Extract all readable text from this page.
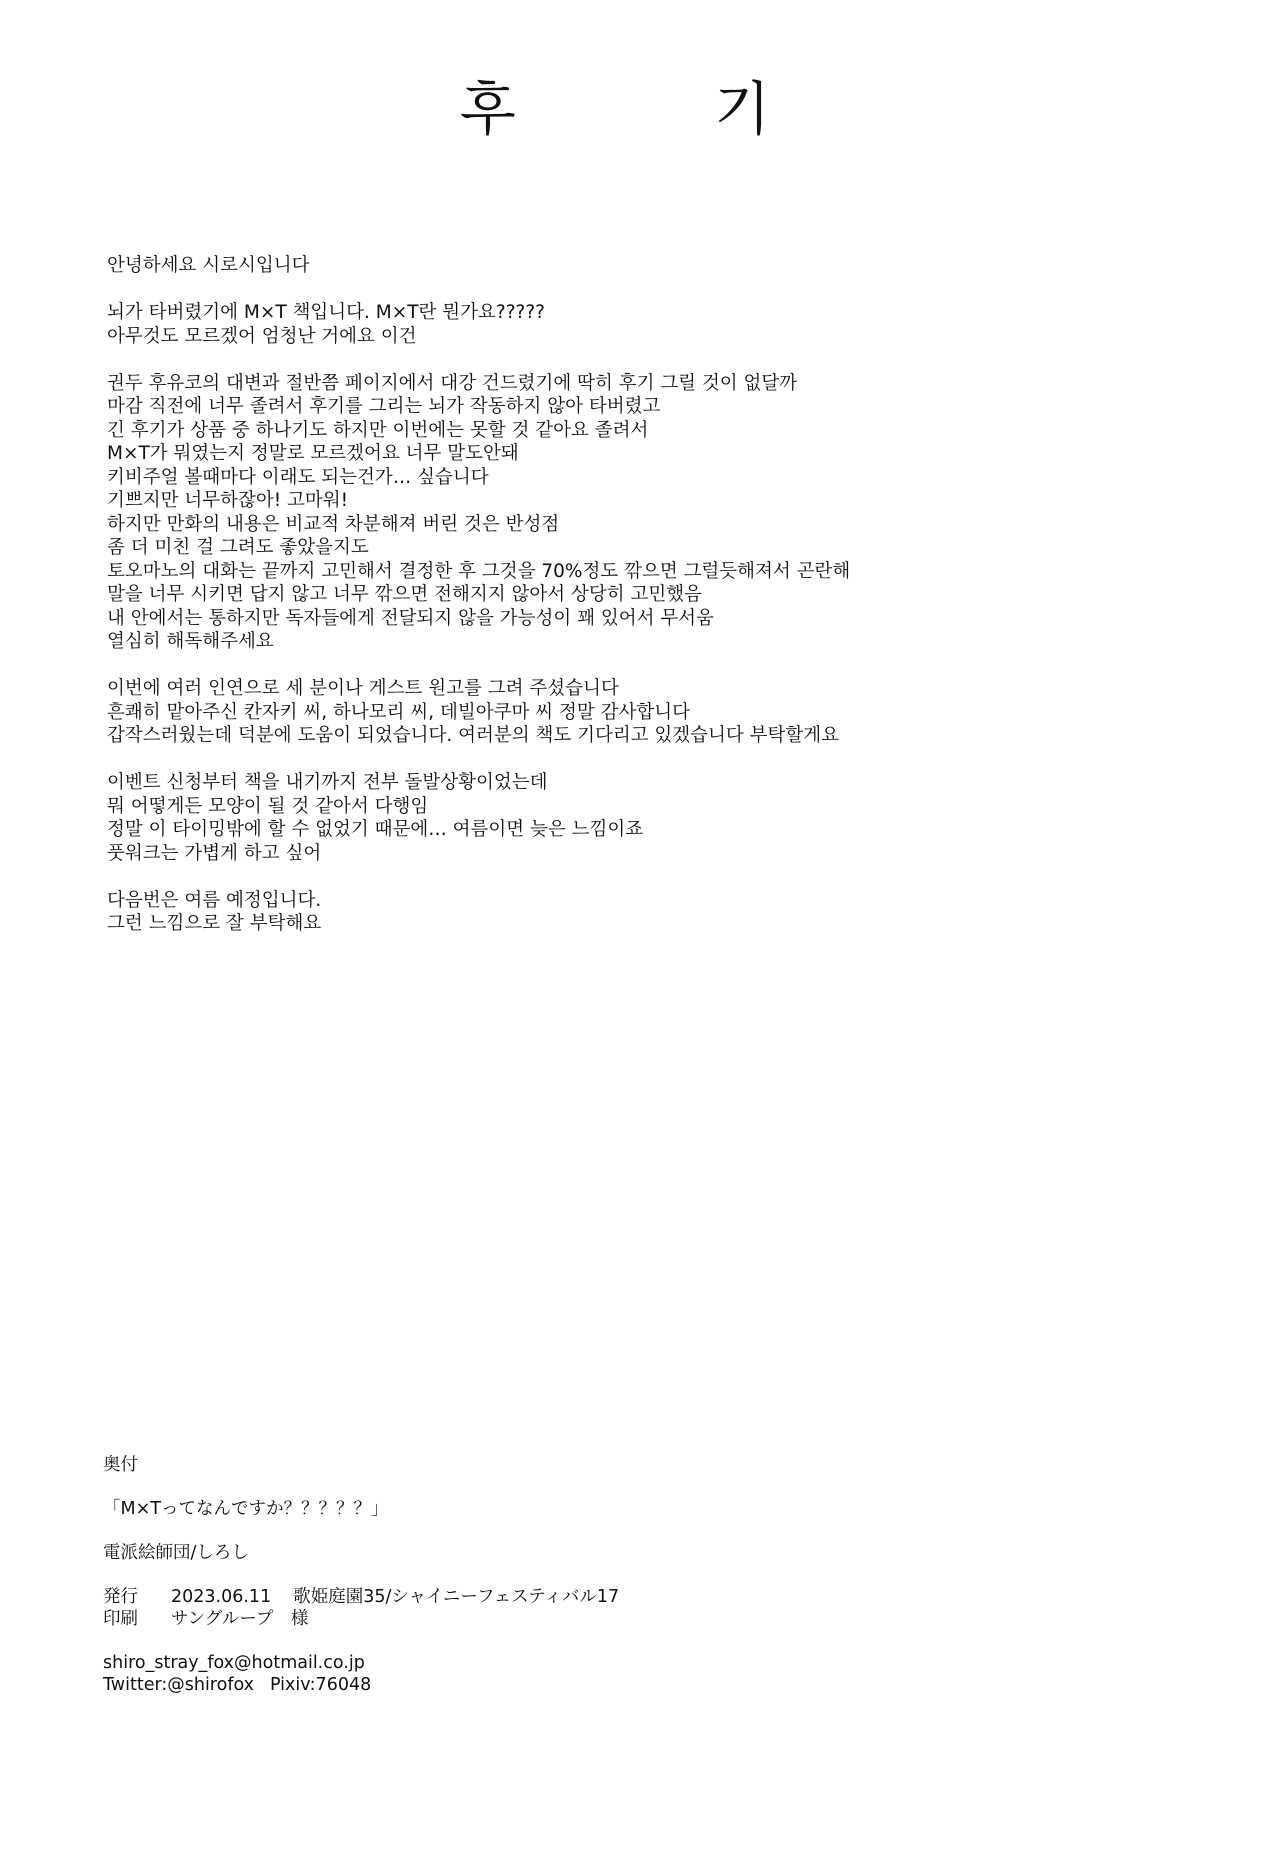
후 기
안녕하세요 시로시입니다
뇌가 타버렸기에 M×T 책입니다. M×T란 뭔가요?????
아무것도 모르겠어 엄청난 거에요 이건
권두 후유코의 대변과 절반쯤 페이지에서 대강 건드렸기에 딱히 후기 그릴 것이 없달까
마감 직전에 너무 졸려서 후기를 그리는 뇌가 작동하지 않아 타버렸고
긴 후기가 상품 중 하나기도 하지만 이번에는 못할 것 같아요 졸려서
M×T가 뭐였는지 정말로 모르겠어요 너무 말도안돼
키비주얼 볼때마다 이래도 되는건가… 싶습니다
기쁘지만 너무하잖아! 고마워!
하지만 만화의 내용은 비교적 차분해져 버린 것은 반성점
좀 더 미친 걸 그려도 좋았을지도
토오마노의 대화는 끝까지 고민해서 결정한 후 그것을 70%정도 깎으면 그럴듯해져서 곤란해
말을 너무 시키면 답지 않고 너무 깎으면 전해지지 않아서 상당히 고민했음
내 안에서는 통하지만 독자들에게 전달되지 않을 가능성이 꽤 있어서 무서움
열심히 해독해주세요
이번에 여러 인연으로 세 분이나 게스트 원고를 그려 주셨습니다
흔쾌히 맡아주신 칸자키 씨, 하나모리 씨, 데빌아쿠마 씨 정말 감사합니다
갑작스러웠는데 덕분에 도움이 되었습니다. 여러분의 책도 기다리고 있겠습니다 부탁할게요
이벤트 신청부터 책을 내기까지 전부 돌발상황이었는데
뭐 어떻게든 모양이 될 것 같아서 다행임
정말 이 타이밍밖에 할 수 없었기 때문에… 여름이면 늦은 느낌이죠
풋워크는 가볍게 하고 싶어
다음번은 여름 예정입니다.
그런 느낌으로 잘 부탁해요
奥付
「M×Tってなんですか？？？？？」
電派絵師団/しろし
発行 2023.06.11 歌姫庭園35/シャイニーフェスティバル17
印刷 サングループ　様
shiro_stray_fox@hotmail.co.jp
Twitter:@shirofox Pixiv:76048
